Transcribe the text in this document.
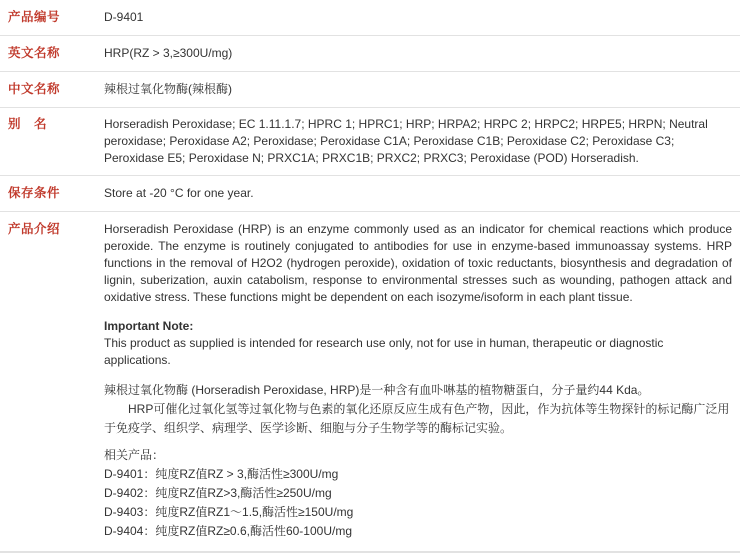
产品编号	D-9401
英文名称	HRP(RZ > 3,≥300U/mg)
中文名称	辣根过氧化物酶(辣根酶)
别　名	Horseradish Peroxidase; EC 1.11.1.7; HPRC 1; HPRC1; HRP; HRPA2; HRPC 2; HRPC2; HRPE5; HRPN; Neutral peroxidase; Peroxidase A2; Peroxidase; Peroxidase C1A; Peroxidase C1B; Peroxidase C2; Peroxidase C3; Peroxidase E5; Peroxidase N; PRXC1A; PRXC1B; PRXC2; PRXC3; Peroxidase (POD) Horseradish.
保存条件	Store at -20 °C for one year.
产品介绍	Horseradish Peroxidase (HRP) is an enzyme commonly used as an indicator for chemical reactions which produce peroxide. The enzyme is routinely conjugated to antibodies for use in enzyme-based immunoassay systems. HRP functions in the removal of H2O2 (hydrogen peroxide), oxidation of toxic reductants, biosynthesis and degradation of lignin, suberization, auxin catabolism, response to environmental stresses such as wounding, pathogen attack and oxidative stress. These functions might be dependent on each isozyme/isoform in each plant tissue.

Important Note:

This product as supplied is intended for research use only, not for use in human, therapeutic or diagnostic applications.

辣根过氧化物酶 (Horseradish Peroxidase, HRP)是一种含有血卟啉基的植物糖蛋白，分子量约44 Kda。

HRP可催化过氧化氢等过氧化物与色素的氧化还原反应生成有色产物，因此，作为抗体等生物探针的标记酶广泛用于免疫学、组织学、病理学、医学诊断、细胞与分子生物学等的酶标记实验。

相关产品：

D-9401：纯度RZ值RZ > 3,酶活性≥300U/mg
D-9402：纯度RZ值RZ>3,酶活性≥250U/mg
D-9403：纯度RZ值RZ1～1.5,酶活性≥150U/mg
D-9404：纯度RZ值RZ≥0.6,酶活性60-100U/mg
